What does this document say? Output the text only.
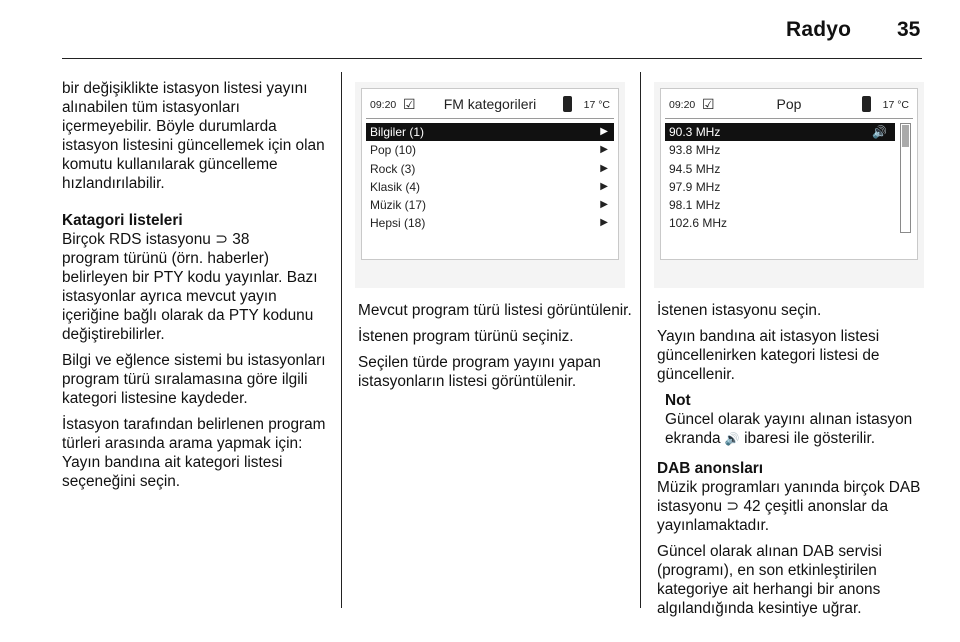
Radyo 35

bir değişiklikte istasyon listesi yayını alınabilen tüm istasyonları içermeyebilir. Böyle durumlarda istasyon listesini güncellemek için olan komutu kullanılarak güncelleme hızlandırılabilir.

Katagori listeleri

Birçok RDS istasyonu ⊃ 38
program türünü (örn. haberler) belirleyen bir PTY kodu yayınlar. Bazı istasyonlar ayrıca mevcut yayın içeriğine bağlı olarak da PTY kodunu değiştirebilirler.

Bilgi ve eğlence sistemi bu istasyonları program türü sıralamasına göre ilgili kategori listesine kaydeder.

İstasyon tarafından belirlenen program türleri arasında arama yapmak için: Yayın bandına ait kategori listesi seçeneğini seçin.

09:20 ☑	FM kategorileri	17 °C
Bilgiler (1)	▶
Pop (10)	▶
Rock (3)	▶
Klasik (4)	▶
Müzik (17)	▶
Hepsi (18)	▶
09:20 ☑	Pop	17 °C
90.3 MHz	🔊
93.8 MHz
94.5 MHz
97.9 MHz
98.1 MHz
102.6 MHz

Mevcut program türü listesi görüntülenir.

İstenen program türünü seçiniz.

Seçilen türde program yayını yapan istasyonların listesi görüntülenir.

İstenen istasyonu seçin.

Yayın bandına ait istasyon listesi güncellenirken kategori listesi de güncellenir.

Not
Güncel olarak yayını alınan istasyon ekranda 🔊 ibaresi ile gösterilir.
DAB anonsları

Müzik programları yanında birçok DAB istasyonu ⊃ 42 çeşitli anonslar da yayınlamaktadır.

Güncel olarak alınan DAB servisi (programı), en son etkinleştirilen kategoriye ait herhangi bir anons algılandığında kesintiye uğrar.
